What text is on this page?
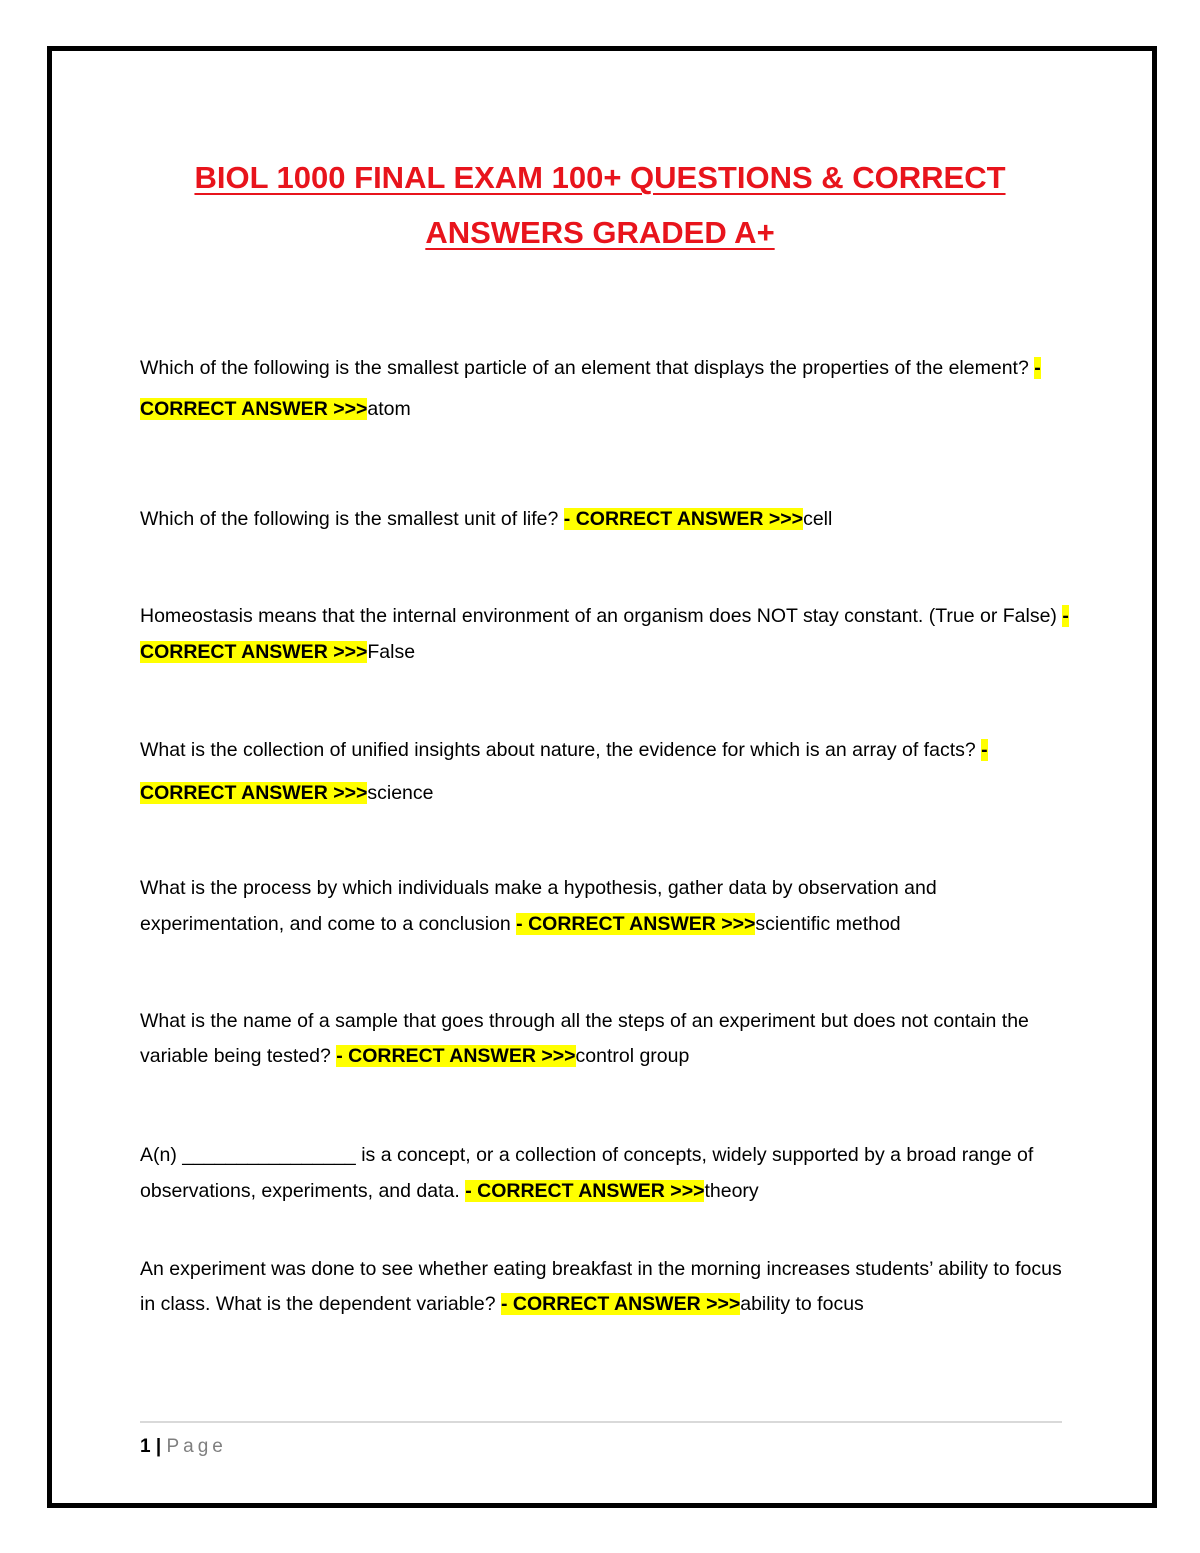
BIOL 1000 FINAL EXAM 100+ QUESTIONS & CORRECT
ANSWERS GRADED A+

Which of the following is the smallest particle of an element that displays the properties of the element? - CORRECT ANSWER >>>atom

Which of the following is the smallest unit of life? - CORRECT ANSWER >>>cell

Homeostasis means that the internal environment of an organism does NOT stay constant. (True or False) - CORRECT ANSWER >>>False

What is the collection of unified insights about nature, the evidence for which is an array of facts? - CORRECT ANSWER >>>science

What is the process by which individuals make a hypothesis, gather data by observation and experimentation, and come to a conclusion - CORRECT ANSWER >>>scientific method

What is the name of a sample that goes through all the steps of an experiment but does not contain the variable being tested? - CORRECT ANSWER >>>control group

A(n) ________________ is a concept, or a collection of concepts, widely supported by a broad range of observations, experiments, and data. - CORRECT ANSWER >>>theory

An experiment was done to see whether eating breakfast in the morning increases students’ ability to focus in class. What is the dependent variable? - CORRECT ANSWER >>>ability to focus

1 | Page
